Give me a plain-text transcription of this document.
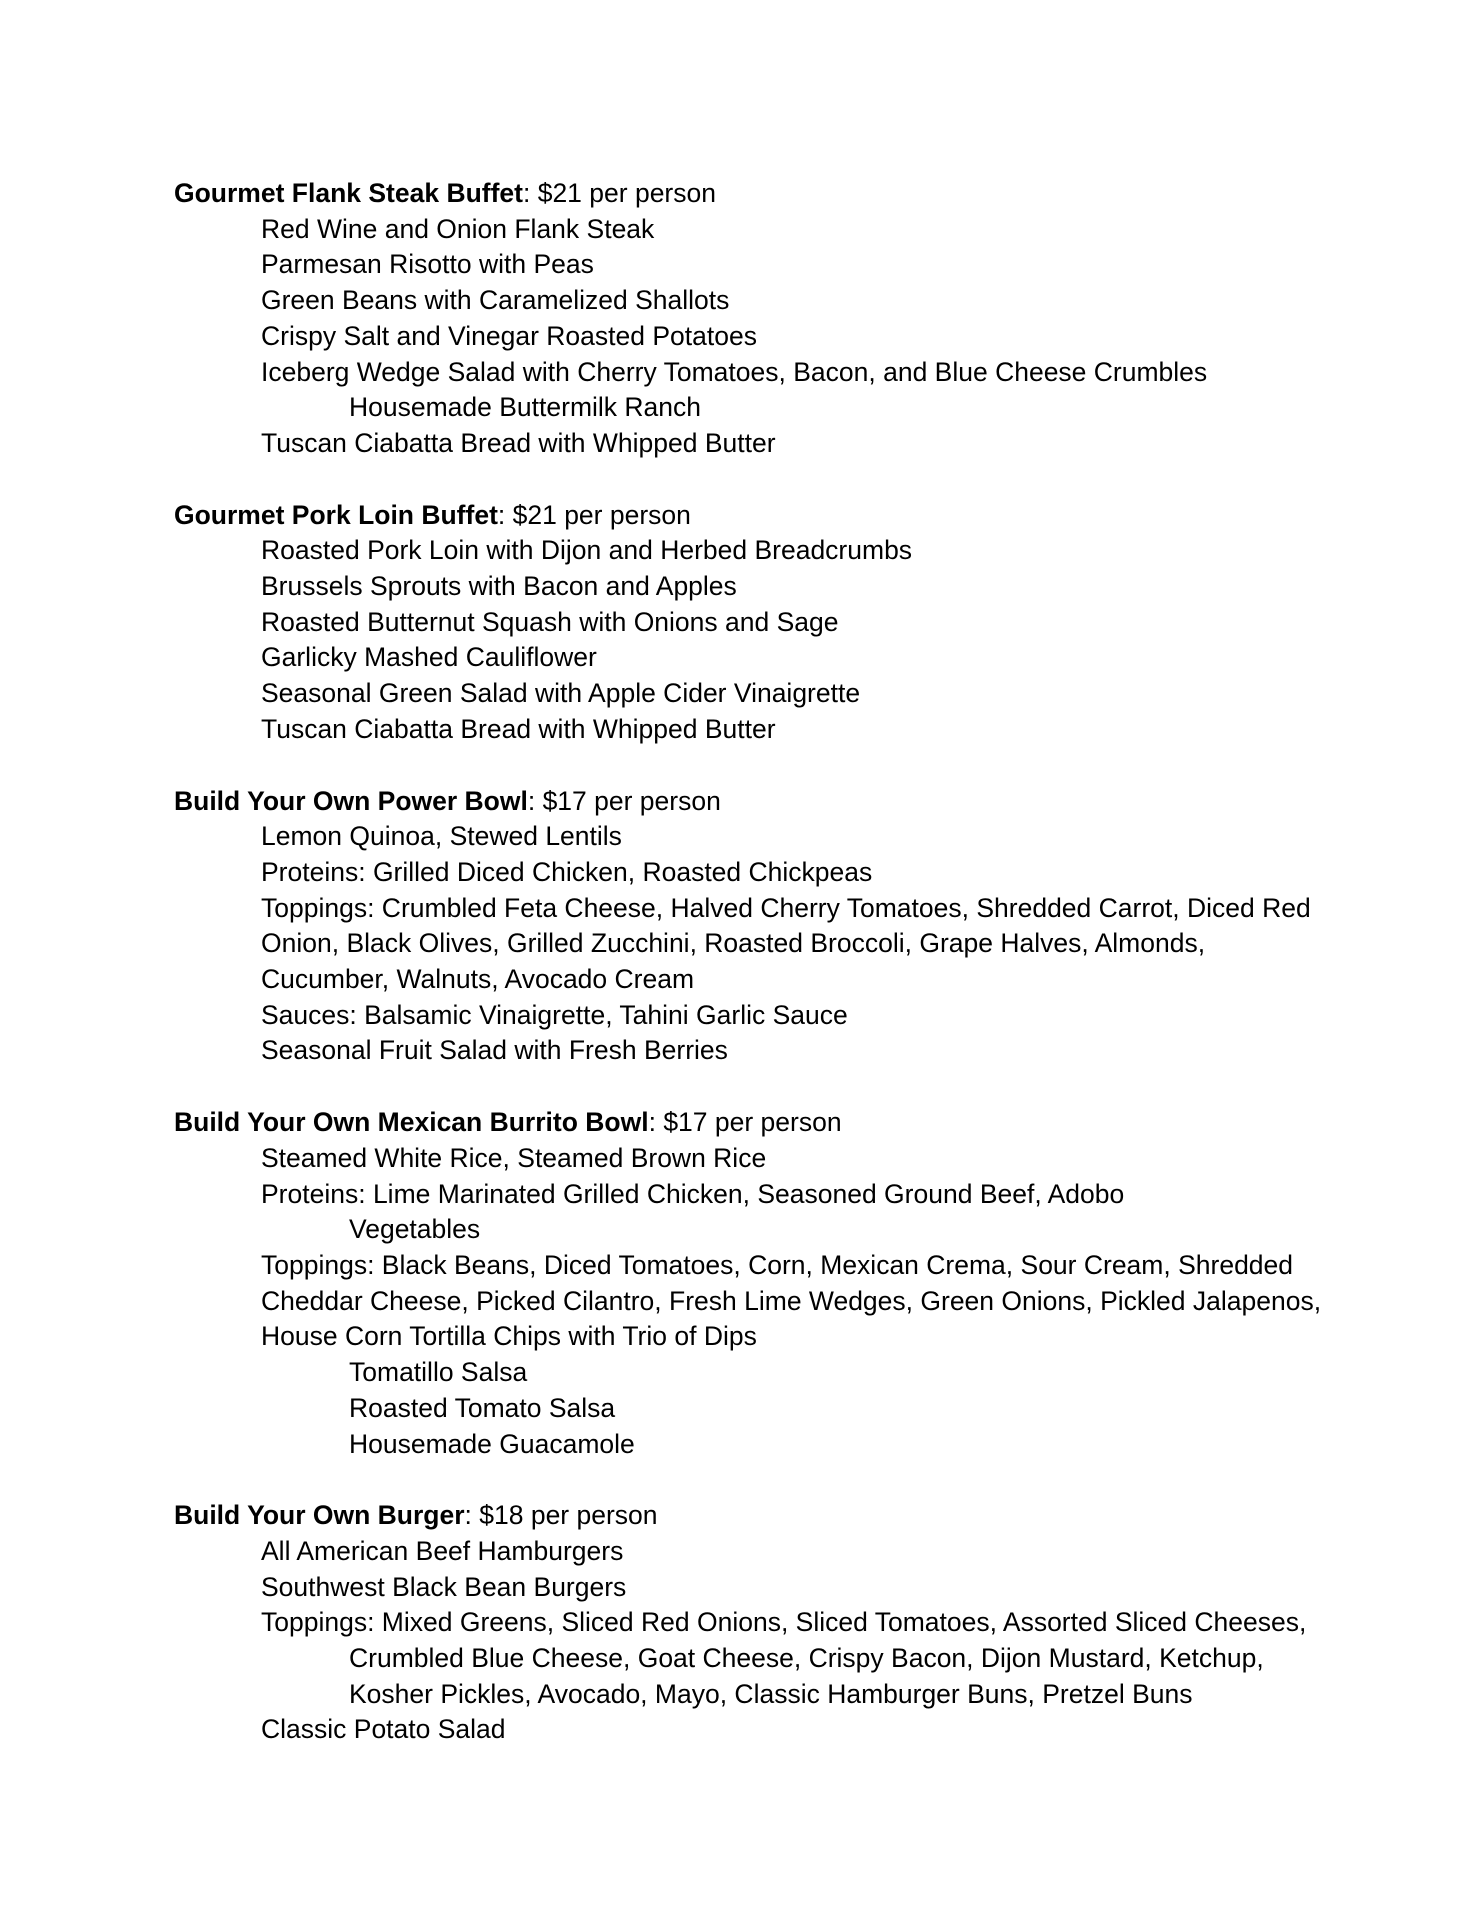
Gourmet Flank Steak Buffet: $21 per person

Red Wine and Onion Flank Steak

Parmesan Risotto with Peas

Green Beans with Caramelized Shallots

Crispy Salt and Vinegar Roasted Potatoes

Iceberg Wedge Salad with Cherry Tomatoes, Bacon, and Blue Cheese Crumbles

Housemade Buttermilk Ranch

Tuscan Ciabatta Bread with Whipped Butter

Gourmet Pork Loin Buffet: $21 per person

Roasted Pork Loin with Dijon and Herbed Breadcrumbs

Brussels Sprouts with Bacon and Apples

Roasted Butternut Squash with Onions and Sage

Garlicky Mashed Cauliflower

Seasonal Green Salad with Apple Cider Vinaigrette

Tuscan Ciabatta Bread with Whipped Butter

Build Your Own Power Bowl: $17 per person

Lemon Quinoa, Stewed Lentils

Proteins: Grilled Diced Chicken, Roasted Chickpeas

Toppings: Crumbled Feta Cheese, Halved Cherry Tomatoes, Shredded Carrot, Diced Red

Onion, Black Olives, Grilled Zucchini, Roasted Broccoli, Grape Halves, Almonds,

Cucumber, Walnuts, Avocado Cream

Sauces: Balsamic Vinaigrette, Tahini Garlic Sauce

Seasonal Fruit Salad with Fresh Berries

Build Your Own Mexican Burrito Bowl: $17 per person

Steamed White Rice, Steamed Brown Rice

Proteins: Lime Marinated Grilled Chicken, Seasoned Ground Beef, Adobo

Vegetables

Toppings: Black Beans, Diced Tomatoes, Corn, Mexican Crema, Sour Cream, Shredded

Cheddar Cheese, Picked Cilantro, Fresh Lime Wedges, Green Onions, Pickled Jalapenos,

House Corn Tortilla Chips with Trio of Dips

Tomatillo Salsa

Roasted Tomato Salsa

Housemade Guacamole

Build Your Own Burger: $18 per person

All American Beef Hamburgers

Southwest Black Bean Burgers

Toppings: Mixed Greens, Sliced Red Onions, Sliced Tomatoes, Assorted Sliced Cheeses,

Crumbled Blue Cheese, Goat Cheese, Crispy Bacon, Dijon Mustard, Ketchup,

Kosher Pickles, Avocado, Mayo, Classic Hamburger Buns, Pretzel Buns

Classic Potato Salad
